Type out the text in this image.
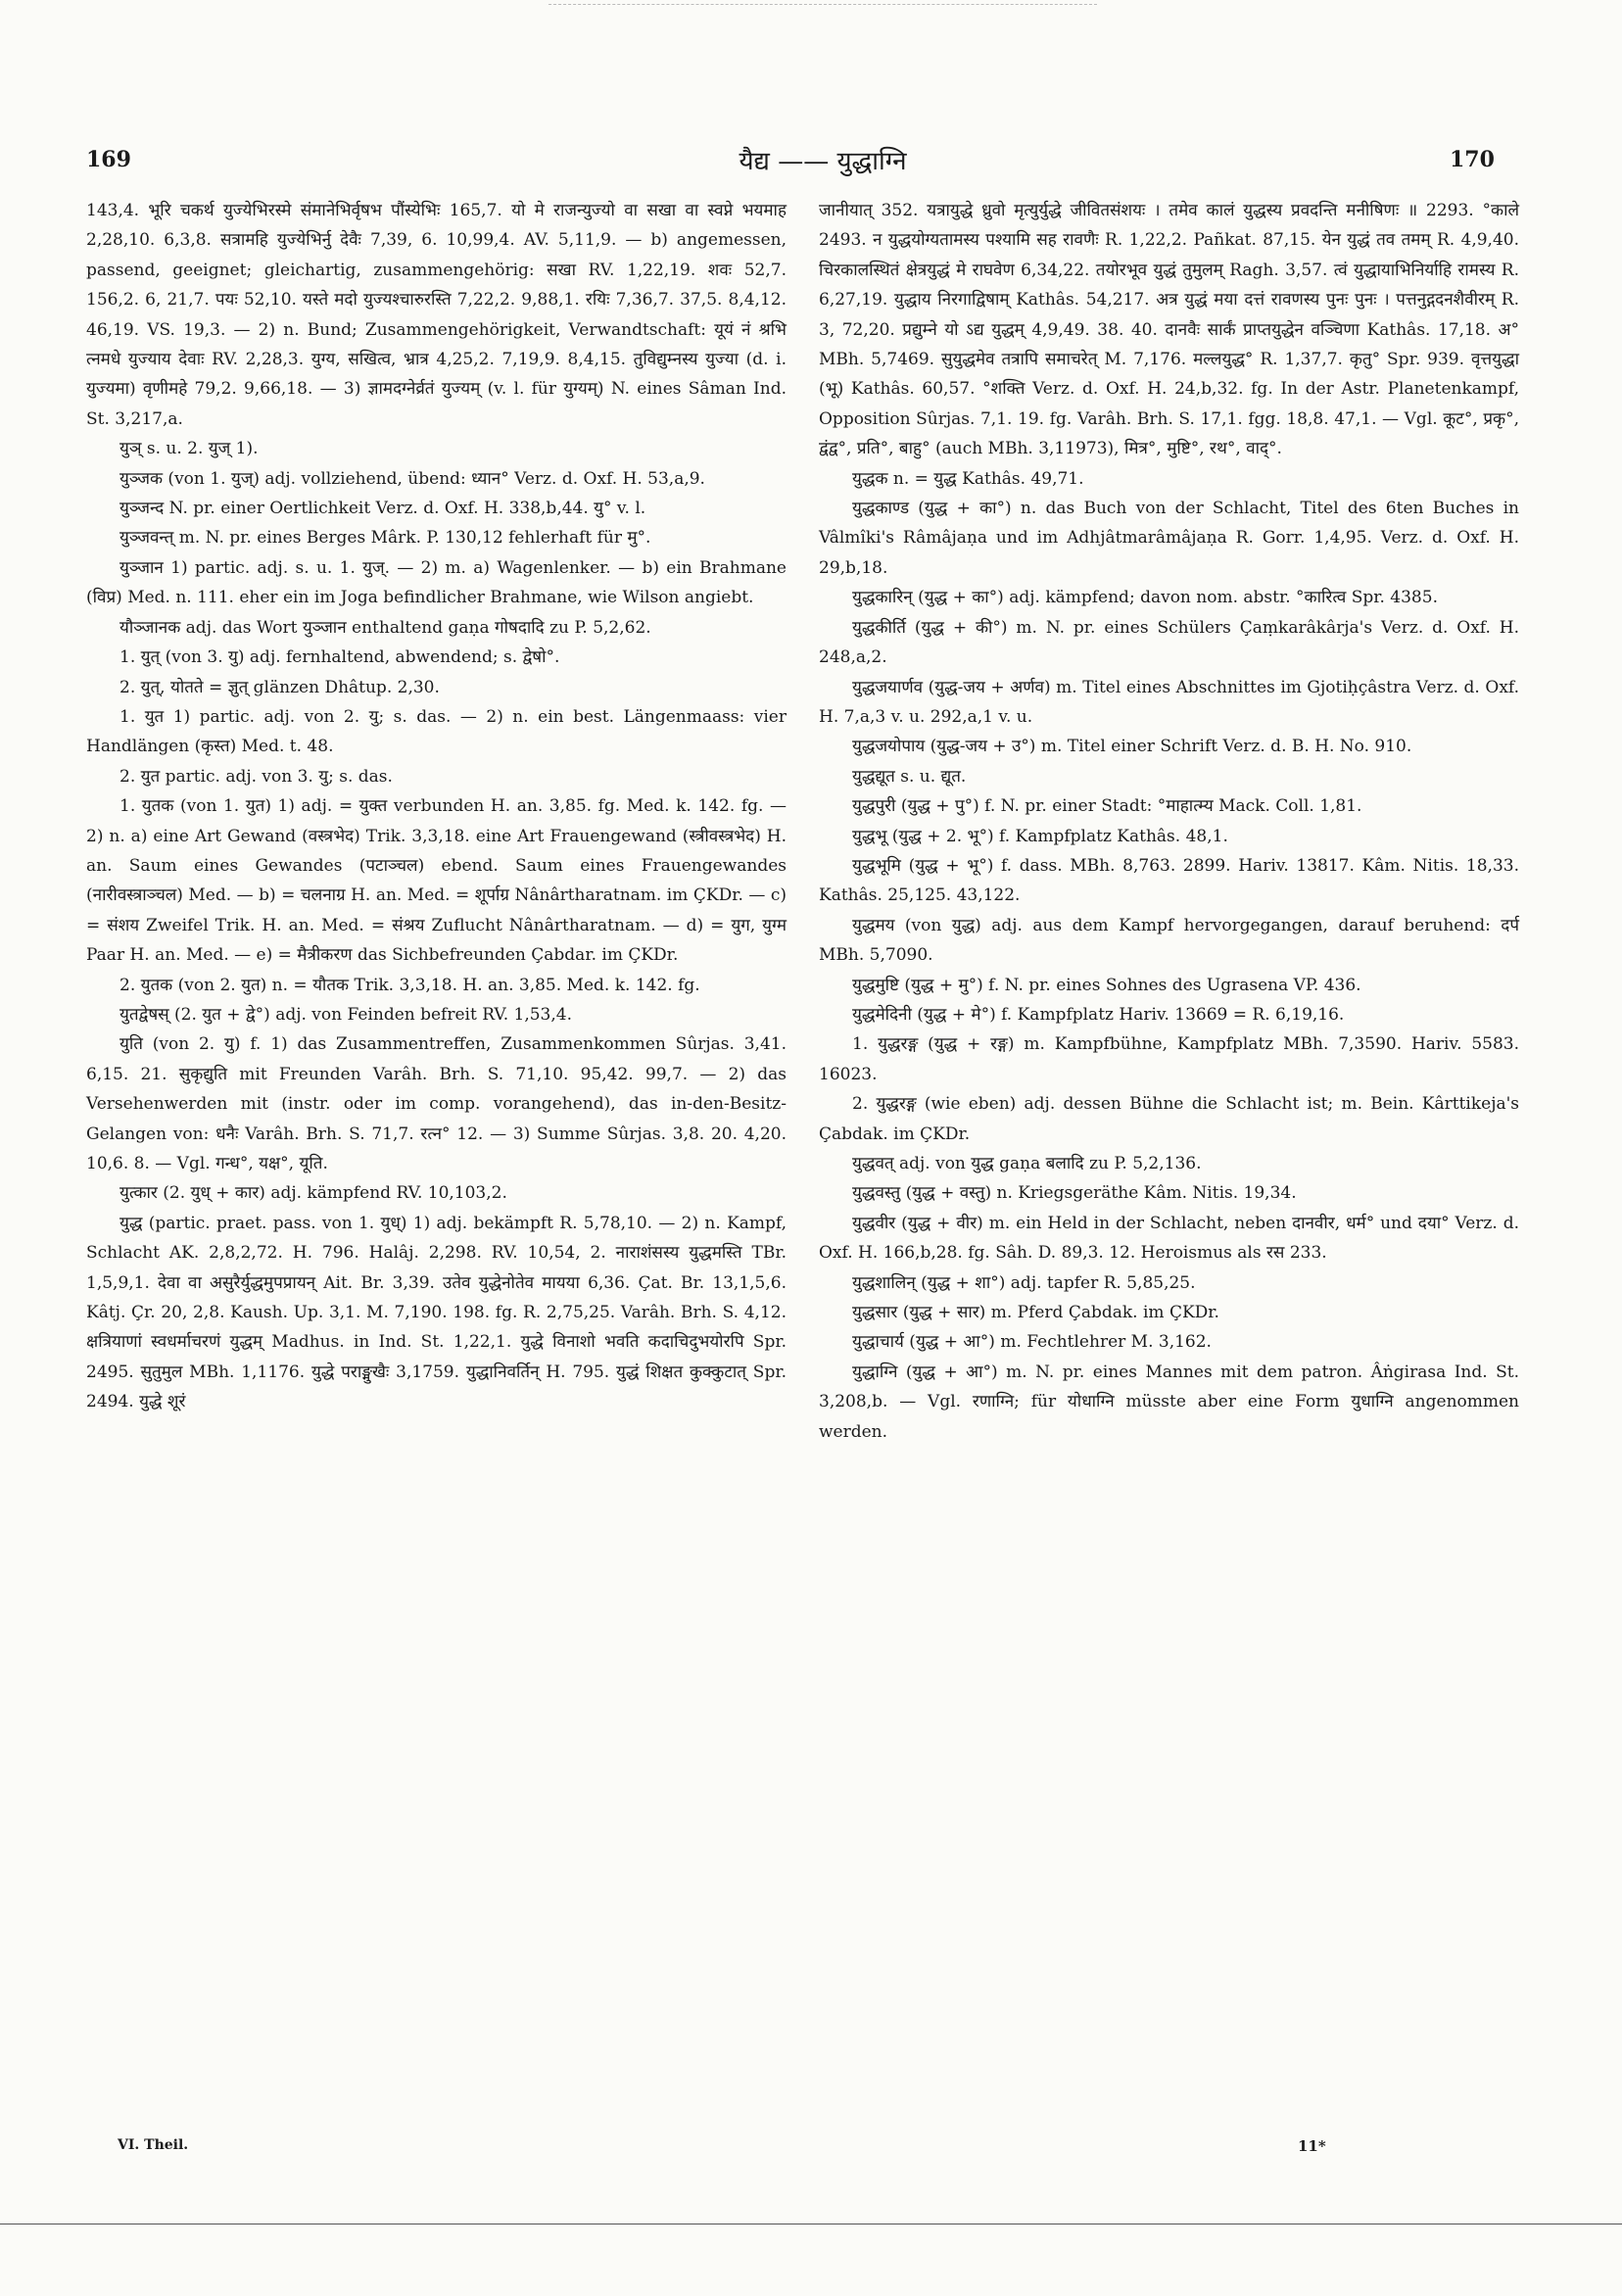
169	यैद्य —— युद्धाग्नि	170

143,4. भूरि चकर्थ युज्येभिरस्मे संमानेभिर्वृषभ पौंस्येभिः 165,7. यो मे राजन्युज्यो वा सखा वा स्वप्ने भयमाह 2,28,10. 6,3,8. सत्रामहि युज्येभिर्नु देवैः 7,39, 6. 10,99,4. AV. 5,11,9. — b) angemessen, passend, geeignet; gleichartig, zusammengehörig: सखा RV. 1,22,19. शवः 52,7. 156,2. 6, 21,7. पयः 52,10. यस्ते मदो युज्यश्चारुरस्ति 7,22,2. 9,88,1. रयिः 7,36,7. 37,5. 8,4,12. 46,19. VS. 19,3. — 2) n. Bund; Zusammengehörigkeit, Verwandtschaft: यूयं नं श्रभि त्नमधे युज्याय देवाः RV. 2,28,3. युग्य, सखित्व, भ्रात्र 4,25,2. 7,19,9. 8,4,15. तुविद्युम्नस्य युज्या (d. i. युज्यमा) वृणीमहे 79,2. 9,66,18. — 3) ज्ञामदग्नेर्व्रतं युज्यम् (v. l. für युग्यम्) N. eines Sâman Ind. St. 3,217,a.

युञ् s. u. 2. युज् 1).

युञ्जक (von 1. युज्) adj. vollziehend, übend: ध्यान° Verz. d. Oxf. H. 53,a,9.

युञ्जन्द N. pr. einer Oertlichkeit Verz. d. Oxf. H. 338,b,44. यु° v. l.

युञ्जवन्त् m. N. pr. eines Berges Mârk. P. 130,12 fehlerhaft für मु°.

युञ्जान 1) partic. adj. s. u. 1. युज्. — 2) m. a) Wagenlenker. — b) ein Brahmane (विप्र) Med. n. 111. eher ein im Joga befindlicher Brahmane, wie Wilson angiebt.

यौञ्जानक adj. das Wort युञ्जान enthaltend gaṇa गोषदादि zu P. 5,2,62.

1. युत् (von 3. यु) adj. fernhaltend, abwendend; s. द्वेषो°.

2. युत्, योतते = ज्ञुत् glänzen Dhâtup. 2,30.

1. युत 1) partic. adj. von 2. यु; s. das. — 2) n. ein best. Längenmaass: vier Handlängen (कृस्त) Med. t. 48.

2. युत partic. adj. von 3. यु; s. das.

1. युतक (von 1. युत) 1) adj. = युक्त verbunden H. an. 3,85. fg. Med. k. 142. fg. — 2) n. a) eine Art Gewand (वस्त्रभेद) Trik. 3,3,18. eine Art Frauengewand (स्त्रीवस्त्रभेद) H. an. Saum eines Gewandes (पटाञ्चल) ebend. Saum eines Frauengewandes (नारीवस्त्राञ्चल) Med. — b) = चलनाग्र H. an. Med. = शूर्पाग्र Nânârtharatnam. im ÇKDr. — c) = संशय Zweifel Trik. H. an. Med. = संश्रय Zuflucht Nânârtharatnam. — d) = युग, युग्म Paar H. an. Med. — e) = मैत्रीकरण das Sichbefreunden Çabdar. im ÇKDr.

2. युतक (von 2. युत) n. = यौतक Trik. 3,3,18. H. an. 3,85. Med. k. 142. fg.

युतद्वेषस् (2. युत + द्वे°) adj. von Feinden befreit RV. 1,53,4.

युति (von 2. यु) f. 1) das Zusammentreffen, Zusammenkommen Sûrjas. 3,41. 6,15. 21. सुकृद्युति mit Freunden Varâh. Brh. S. 71,10. 95,42. 99,7. — 2) das Versehenwerden mit (instr. oder im comp. vorangehend), das in-den-Besitz-Gelangen von: धनैः Varâh. Brh. S. 71,7. रत्न° 12. — 3) Summe Sûrjas. 3,8. 20. 4,20. 10,6. 8. — Vgl. गन्ध°, यक्ष°, यूति.

युत्कार (2. युध् + कार) adj. kämpfend RV. 10,103,2.

युद्ध (partic. praet. pass. von 1. युध्) 1) adj. bekämpft R. 5,78,10. — 2) n. Kampf, Schlacht AK. 2,8,2,72. H. 796. Halâj. 2,298. RV. 10,54, 2. नाराशंसस्य युद्धमस्ति TBr. 1,5,9,1. देवा वा असुरैर्युद्धमुपप्रायन् Ait. Br. 3,39. उतेव युद्धेनोतेव मायया 6,36. Çat. Br. 13,1,5,6. Kâtj. Çr. 20, 2,8. Kaush. Up. 3,1. M. 7,190. 198. fg. R. 2,75,25. Varâh. Brh. S. 4,12. क्षत्रियाणां स्वधर्माचरणं युद्धम् Madhus. in Ind. St. 1,22,1. युद्धे विनाशो भवति कदाचिदुभयोरपि Spr. 2495. सुतुमुल MBh. 1,1176. युद्धे पराङ्मुखैः 3,1759. युद्धानिवर्तिन् H. 795. युद्धं शिक्षत कुक्कुटात् Spr. 2494. युद्धे शूरं

जानीयात् 352. यत्रायुद्धे ध्रुवो मृत्युर्युद्धे जीवितसंशयः । तमेव कालं युद्धस्य प्रवदन्ति मनीषिणः ॥ 2293. °काले 2493. न युद्धयोग्यतामस्य पश्यामि सह रावणैः R. 1,22,2. Pañkat. 87,15. येन युद्धं तव तमम् R. 4,9,40. चिरकालस्थितं क्षेत्रयुद्धं मे राघवेण 6,34,22. तयोरभूव युद्धं तुमुलम् Ragh. 3,57. त्वं युद्धायाभिनिर्याहि रामस्य R. 6,27,19. युद्धाय निरगाद्विषाम् Kathâs. 54,217. अत्र युद्धं मया दत्तं रावणस्य पुनः पुनः । पत्तनुद्गदनशैवीरम् R. 3, 72,20. प्रद्युम्ने यो ऽद्य युद्धम् 4,9,49. 38. 40. दानवैः सार्कं प्राप्तयुद्धेन वञ्चिणा Kathâs. 17,18. अ° MBh. 5,7469. सुयुद्धमेव तत्रापि समाचरेत् M. 7,176. मल्लयुद्ध° R. 1,37,7. कृतु° Spr. 939. वृत्तयुद्धा (भू) Kathâs. 60,57. °शक्ति Verz. d. Oxf. H. 24,b,32. fg. In der Astr. Planetenkampf, Opposition Sûrjas. 7,1. 19. fg. Varâh. Brh. S. 17,1. fgg. 18,8. 47,1. — Vgl. कूट°, प्रकृ°, द्वंद्व°, प्रति°, बाहु° (auch MBh. 3,11973), मित्र°, मुष्टि°, रथ°, वाद्°.

युद्धक n. = युद्ध Kathâs. 49,71.

युद्धकाण्ड (युद्ध + का°) n. das Buch von der Schlacht, Titel des 6ten Buches in Vâlmîki's Râmâjaṇa und im Adhjâtmarâmâjaṇa R. Gorr. 1,4,95. Verz. d. Oxf. H. 29,b,18.

युद्धकारिन् (युद्ध + का°) adj. kämpfend; davon nom. abstr. °कारित्व Spr. 4385.

युद्धकीर्ति (युद्ध + की°) m. N. pr. eines Schülers Çaṃkarâkârja's Verz. d. Oxf. H. 248,a,2.

युद्धजयार्णव (युद्ध-जय + अर्णव) m. Titel eines Abschnittes im Gjotiḥçâstra Verz. d. Oxf. H. 7,a,3 v. u. 292,a,1 v. u.

युद्धजयोपाय (युद्ध-जय + उ°) m. Titel einer Schrift Verz. d. B. H. No. 910.

युद्धद्यूत s. u. द्यूत.

युद्धपुरी (युद्ध + पु°) f. N. pr. einer Stadt: °माहात्म्य Mack. Coll. 1,81.

युद्धभू (युद्ध + 2. भू°) f. Kampfplatz Kathâs. 48,1.

युद्धभूमि (युद्ध + भू°) f. dass. MBh. 8,763. 2899. Hariv. 13817. Kâm. Nitis. 18,33. Kathâs. 25,125. 43,122.

युद्धमय (von युद्ध) adj. aus dem Kampf hervorgegangen, darauf beruhend: दर्प MBh. 5,7090.

युद्धमुष्टि (युद्ध + मु°) f. N. pr. eines Sohnes des Ugrasena VP. 436.

युद्धमेदिनी (युद्ध + मे°) f. Kampfplatz Hariv. 13669 = R. 6,19,16.

1. युद्धरङ्ग (युद्ध + रङ्ग) m. Kampfbühne, Kampfplatz MBh. 7,3590. Hariv. 5583. 16023.

2. युद्धरङ्ग (wie eben) adj. dessen Bühne die Schlacht ist; m. Bein. Kârttikeja's Çabdak. im ÇKDr.

युद्धवत् adj. von युद्ध gaṇa बलादि zu P. 5,2,136.

युद्धवस्तु (युद्ध + वस्तु) n. Kriegsgeräthe Kâm. Nitis. 19,34.

युद्धवीर (युद्ध + वीर) m. ein Held in der Schlacht, neben दानवीर, धर्म° und दया° Verz. d. Oxf. H. 166,b,28. fg. Sâh. D. 89,3. 12. Heroismus als रस 233.

युद्धशालिन् (युद्ध + शा°) adj. tapfer R. 5,85,25.

युद्धसार (युद्ध + सार) m. Pferd Çabdak. im ÇKDr.

युद्धाचार्य (युद्ध + आ°) m. Fechtlehrer M. 3,162.

युद्धाग्नि (युद्ध + आ°) m. N. pr. eines Mannes mit dem patron. Âṅgirasa Ind. St. 3,208,b. — Vgl. रणाग्नि; für योधाग्नि müsste aber eine Form युधाग्नि angenommen werden.

VI. Theil.	11*
